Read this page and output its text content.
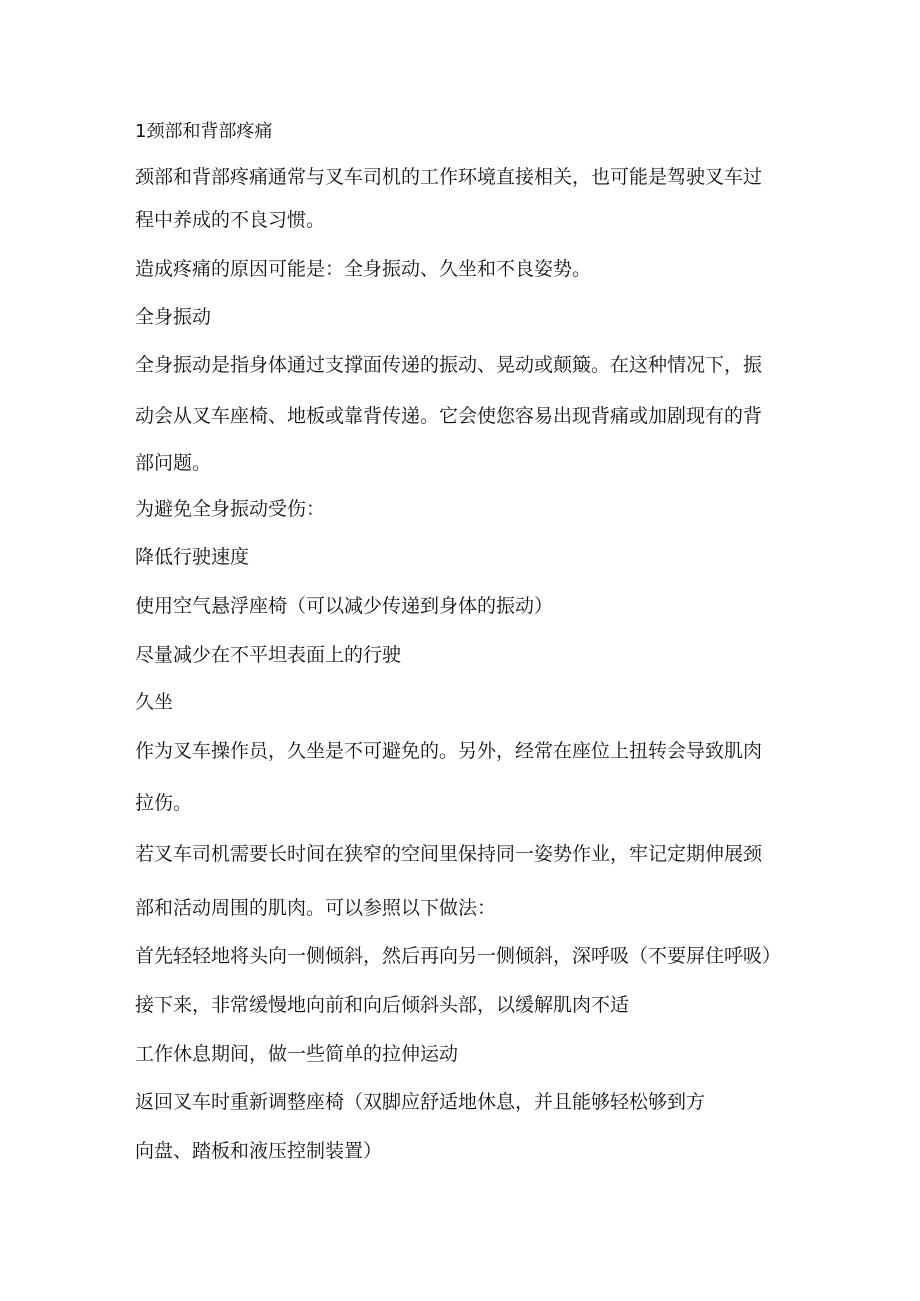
1颈部和背部疼痛

颈部和背部疼痛通常与叉车司机的工作环境直接相关，也可能是驾驶叉车过

程中养成的不良习惯。

造成疼痛的原因可能是：全身振动、久坐和不良姿势。

全身振动

全身振动是指身体通过支撑面传递的振动、晃动或颠簸。在这种情况下，振

动会从叉车座椅、地板或靠背传递。它会使您容易出现背痛或加剧现有的背

部问题。

为避免全身振动受伤：

降低行驶速度

使用空气悬浮座椅（可以减少传递到身体的振动）

尽量减少在不平坦表面上的行驶

久坐

作为叉车操作员，久坐是不可避免的。另外，经常在座位上扭转会导致肌肉

拉伤。

若叉车司机需要长时间在狭窄的空间里保持同一姿势作业，牢记定期伸展颈

部和活动周围的肌肉。可以参照以下做法：

首先轻轻地将头向一侧倾斜，然后再向另一侧倾斜，深呼吸（不要屏住呼吸）

接下来，非常缓慢地向前和向后倾斜头部，以缓解肌肉不适

工作休息期间，做一些简单的拉伸运动

返回叉车时重新调整座椅（双脚应舒适地休息，并且能够轻松够到方

向盘、踏板和液压控制装置）
